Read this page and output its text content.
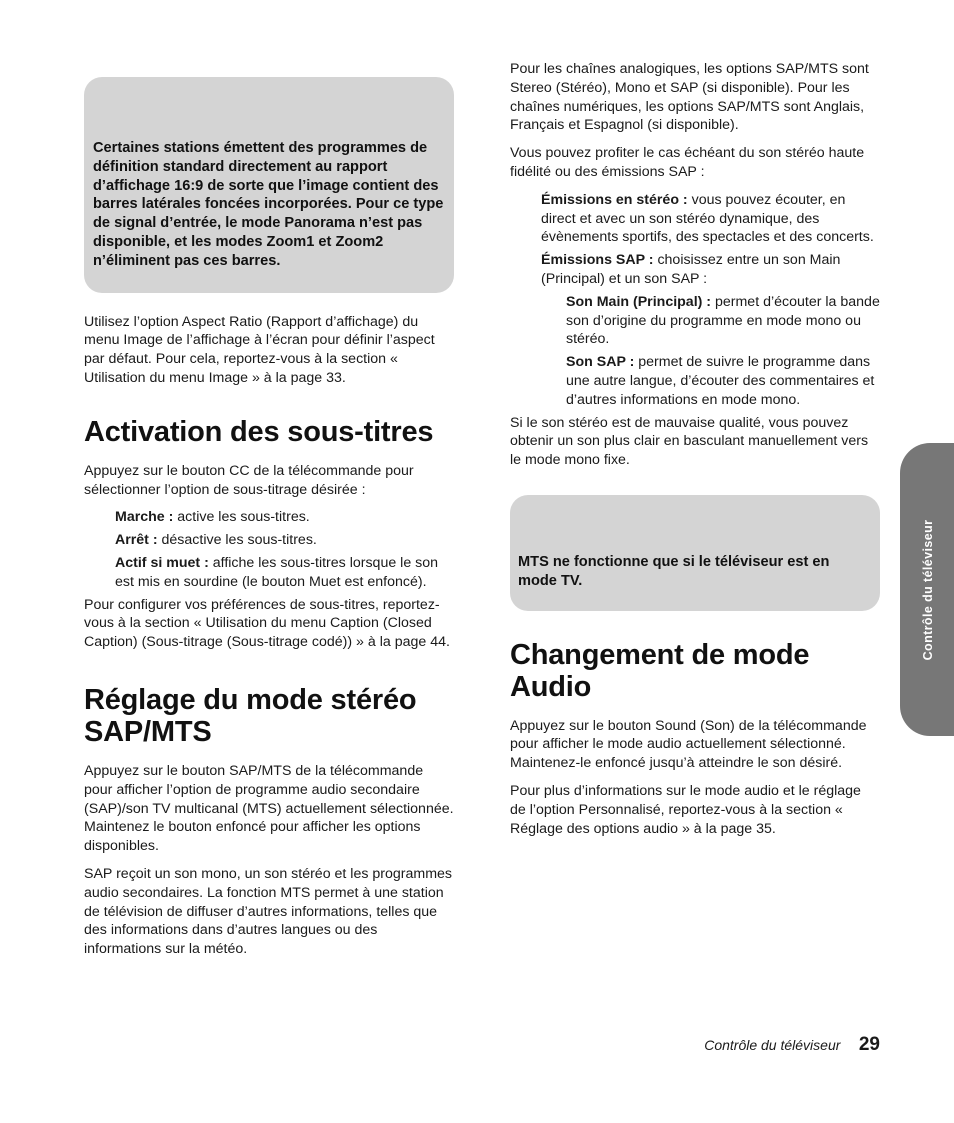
Certaines stations émettent des programmes de définition standard directement au rapport d’affichage 16:9 de sorte que l’image contient des barres latérales foncées incorporées. Pour ce type de signal d’entrée, le mode Panorama n’est pas disponible, et les modes Zoom1 et Zoom2 n’éliminent pas ces barres.

Utilisez l’option Aspect Ratio (Rapport d’affichage) du menu Image de l’affichage à l’écran pour définir l’aspect par défaut. Pour cela, reportez-vous à la section « Utilisation du menu Image » à la page 33.

Activation des sous-titres

Appuyez sur le bouton CC de la télécommande pour sélectionner l’option de sous-titrage désirée :

Marche : active les sous-titres.

Arrêt : désactive les sous-titres.

Actif si muet : affiche les sous-titres lorsque le son est mis en sourdine (le bouton Muet est enfoncé).

Pour configurer vos préférences de sous-titres, reportez-vous à la section « Utilisation du menu Caption (Closed Caption) (Sous-titrage (Sous-titrage codé)) » à la page 44.

Réglage du mode stéréo
SAP/MTS

Appuyez sur le bouton SAP/MTS de la télécommande pour afficher l’option de programme audio secondaire (SAP)/son TV multicanal (MTS) actuellement sélectionnée. Maintenez le bouton enfoncé pour afficher les options disponibles.

SAP reçoit un son mono, un son stéréo et les programmes audio secondaires. La fonction MTS permet à une station de télévision de diffuser d’autres informations, telles que des informations dans d’autres langues ou des informations sur la météo.

Pour les chaînes analogiques, les options SAP/MTS sont Stereo (Stéréo), Mono et SAP (si disponible). Pour les chaînes numériques, les options SAP/MTS sont Anglais, Français et Espagnol (si disponible).

Vous pouvez profiter le cas échéant du son stéréo haute fidélité ou des émissions SAP :

Émissions en stéréo : vous pouvez écouter, en direct et avec un son stéréo dynamique, des évènements sportifs, des spectacles et des concerts.

Émissions SAP : choisissez entre un son Main (Principal) et un son SAP :

Son Main (Principal) : permet d’écouter la bande son d’origine du programme en mode mono ou stéréo.

Son SAP : permet de suivre le programme dans une autre langue, d’écouter des commentaires et d’autres informations en mode mono.

Si le son stéréo est de mauvaise qualité, vous pouvez obtenir un son plus clair en basculant manuellement vers le mode mono fixe.

MTS ne fonctionne que si le téléviseur est en mode TV.
Changement de mode
Audio

Appuyez sur le bouton Sound (Son) de la télécommande pour afficher le mode audio actuellement sélectionné. Maintenez-le enfoncé jusqu’à atteindre le son désiré.

Pour plus d’informations sur le mode audio et le réglage de l’option Personnalisé, reportez-vous à la section « Réglage des options audio » à la page 35.

Contrôle du téléviseur
Contrôle du téléviseur 29
